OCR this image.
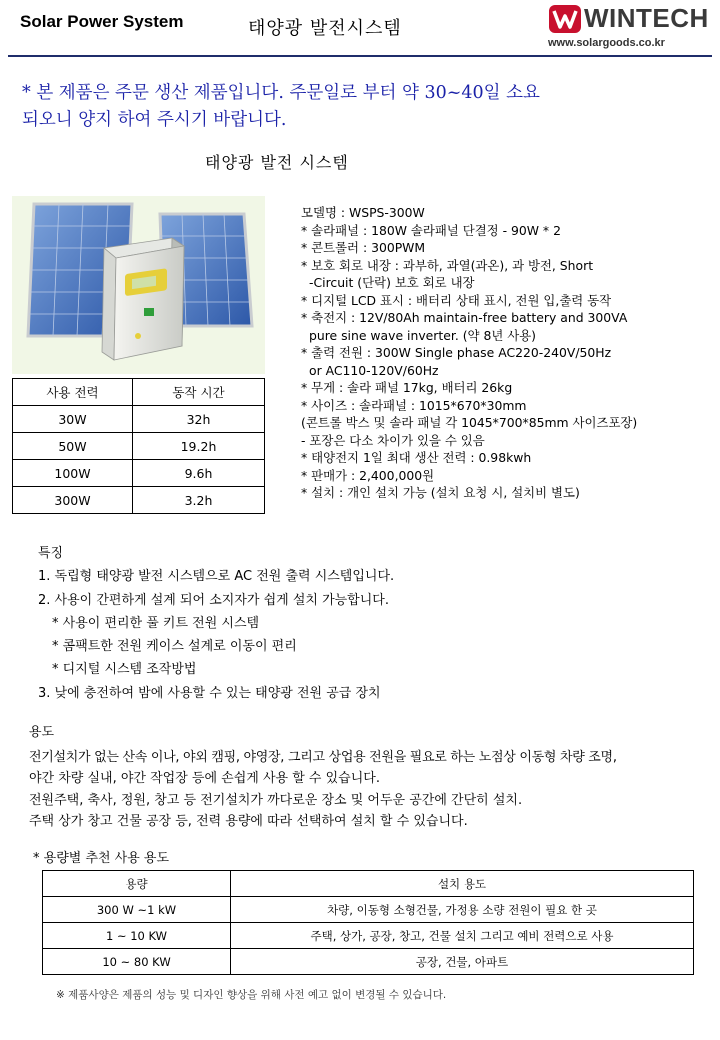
Solar Power System	태양광 발전시스템	WINTECH
www.solargoods.co.kr
* 본 제품은 주문 생산 제품입니다. 주문일로 부터 약 30~40일 소요
되오니 양지 하여 주시기 바랍니다.
태양광 발전 시스템
사용 전력	동작 시간
30W	32h
50W	19.2h
100W	9.6h
300W	3.2h
모델명 : WSPS-300W
* 솔라패널 : 180W 솔라패널 단결정 - 90W * 2
* 콘트롤러 : 300PWM
* 보호 회로 내장 : 과부하, 과열(과온), 과 방전, Short
-Circuit (단락) 보호 회로 내장
* 디지털 LCD 표시 : 배터리 상태 표시, 전원 입,출력 동작
* 축전지 : 12V/80Ah maintain-free battery and 300VA
pure sine wave inverter. (약 8년 사용)
* 출력 전원 : 300W Single phase AC220-240V/50Hz
or AC110-120V/60Hz
* 무게 : 솔라 패널 17kg, 배터리 26kg
* 사이즈 : 솔라패널 : 1015*670*30mm
(콘트롤 박스 및 솔라 패널 각 1045*700*85mm 사이즈포장)
- 포장은 다소 차이가 있을 수 있음
* 태양전지 1일 최대 생산 전력 : 0.98kwh
* 판매가 : 2,400,000원
* 설치 : 개인 설치 가능 (설치 요청 시, 설치비 별도)
특징
1. 독립형 태양광 발전 시스템으로 AC 전원 출력 시스템입니다.
2. 사용이 간편하게 설계 되어 소지자가 쉽게 설치 가능합니다.
* 사용이 편리한 풀 키트 전원 시스템
* 콤팩트한 전원 케이스 설계로 이동이 편리
* 디지털 시스템 조작방법
3. 낮에 충전하여 밤에 사용할 수 있는 태양광 전원 공급 장치
용도
전기설치가 없는 산속 이나, 야외 캠핑, 야영장, 그리고 상업용 전원을 필요로 하는 노점상 이동형 차량 조명,
야간 차량 실내, 야간 작업장 등에 손쉽게 사용 할 수 있습니다.
전원주택, 축사, 정원, 창고 등 전기설치가 까다로운 장소 및 어두운 공간에 간단히 설치.
주택 상가 창고 건물 공장 등, 전력 용량에 따라 선택하여 설치 할 수 있습니다.
* 용량별 추천 사용 용도
용량	설치 용도
300 W ~1 kW	차량, 이동형 소형건물, 가정용 소량 전원이 필요 한 곳
1 ~ 10 KW	주택, 상가, 공장, 창고, 건물 설치 그리고 예비 전력으로 사용
10 ~ 80 KW	공장, 건물, 아파트
※ 제품사양은 제품의 성능 및 디자인 향상을 위해 사전 예고 없이 변경될 수 있습니다.
